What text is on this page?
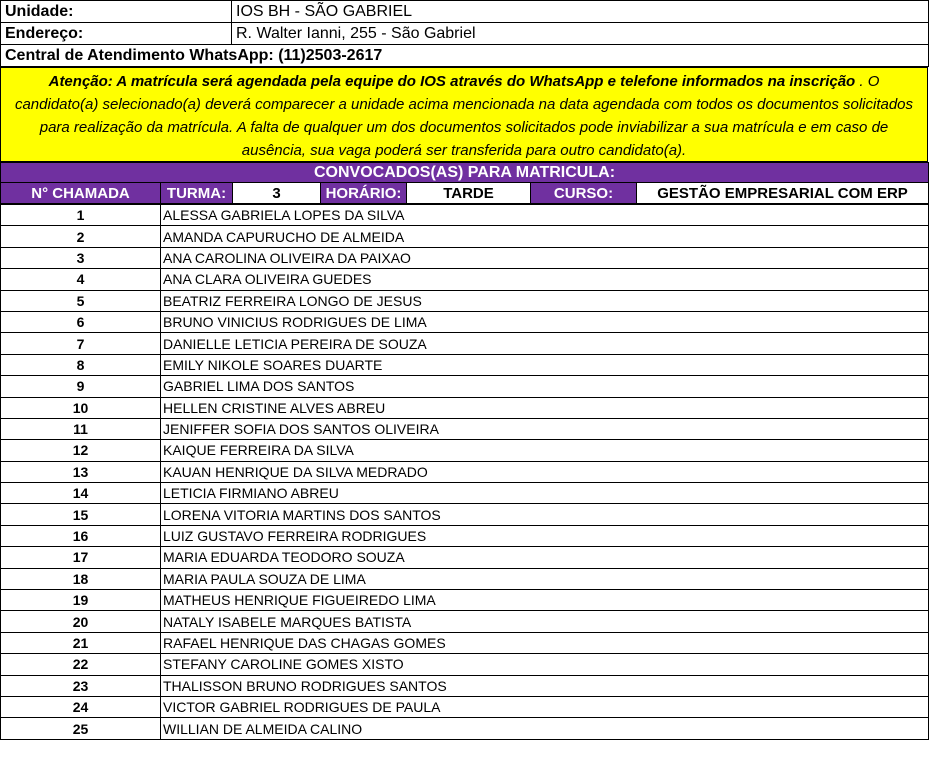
Unidade:	IOS BH - SÃO GABRIEL
Endereço:	R. Walter Ianni, 255 - São Gabriel
Central de Atendimento WhatsApp: (11)2503-2617	
Atenção: A matrícula será agendada pela equipe do IOS através do WhatsApp e telefone informados na inscrição . O candidato(a) selecionado(a) deverá comparecer a unidade acima mencionada na data agendada com todos os documentos solicitados para realização da matrícula. A falta de qualquer um dos documentos solicitados pode inviabilizar a sua matrícula e em caso de ausência, sua vaga poderá ser transferida para outro candidato(a).
CONVOCADOS(AS) PARA MATRICULA:
N° CHAMADA	TURMA:	3	HORÁRIO:	TARDE	CURSO:	GESTÃO EMPRESARIAL COM ERP
1	ALESSA GABRIELA LOPES DA SILVA
2	AMANDA CAPURUCHO DE ALMEIDA
3	ANA CAROLINA OLIVEIRA DA PAIXAO
4	ANA CLARA OLIVEIRA GUEDES
5	BEATRIZ FERREIRA LONGO DE JESUS
6	BRUNO VINICIUS RODRIGUES DE LIMA
7	DANIELLE LETICIA PEREIRA DE SOUZA
8	EMILY NIKOLE SOARES DUARTE
9	GABRIEL LIMA DOS SANTOS
10	HELLEN CRISTINE ALVES ABREU
11	JENIFFER SOFIA DOS SANTOS OLIVEIRA
12	KAIQUE FERREIRA DA SILVA
13	KAUAN HENRIQUE DA SILVA MEDRADO
14	LETICIA FIRMIANO ABREU
15	LORENA VITORIA MARTINS DOS SANTOS
16	LUIZ GUSTAVO FERREIRA RODRIGUES
17	MARIA EDUARDA TEODORO SOUZA
18	MARIA PAULA SOUZA DE LIMA
19	MATHEUS HENRIQUE FIGUEIREDO LIMA
20	NATALY ISABELE MARQUES BATISTA
21	RAFAEL HENRIQUE DAS CHAGAS GOMES
22	STEFANY CAROLINE GOMES XISTO
23	THALISSON BRUNO RODRIGUES SANTOS
24	VICTOR GABRIEL RODRIGUES DE PAULA
25	WILLIAN DE ALMEIDA CALINO
